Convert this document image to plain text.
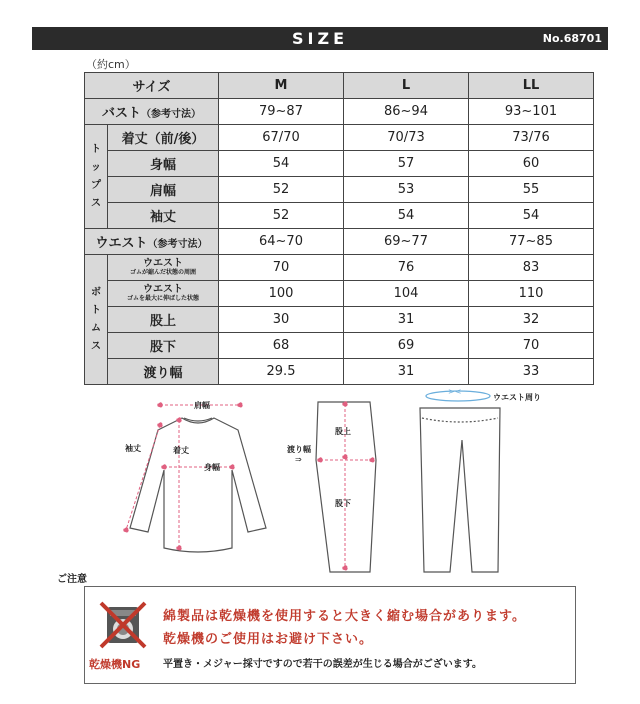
SIZE	No.68701
（約cm）
サイズ		M	L	LL
バスト（参考寸法）		79~87	86~94	93~101
ト
ッ
プ
ス	着丈（前/後）	67/70	70/73	73/76
	身幅	54	57	60
	肩幅	52	53	55
	袖丈	52	54	54
ウエスト（参考寸法）		64~70	69~77	77~85
ボ
ト
ム
ス	ウエスト
ゴムが縮んだ状態の周囲	70	76	83

	ウエスト
ゴムを最大に伸ばした状態	100	104	110
	股上	30	31	32
	股下	68	69	70
	渡り幅	29.5	31	33
肩幅
袖丈	着丈
身幅
股上
渡り幅
⇒
股下
><
ウエスト周り
ご注意
乾燥機NG
綿製品は乾燥機を使用すると大きく縮む場合があります。
乾燥機のご使用はお避け下さい。
平置き・メジャー採寸ですので若干の誤差が生じる場合がございます。
